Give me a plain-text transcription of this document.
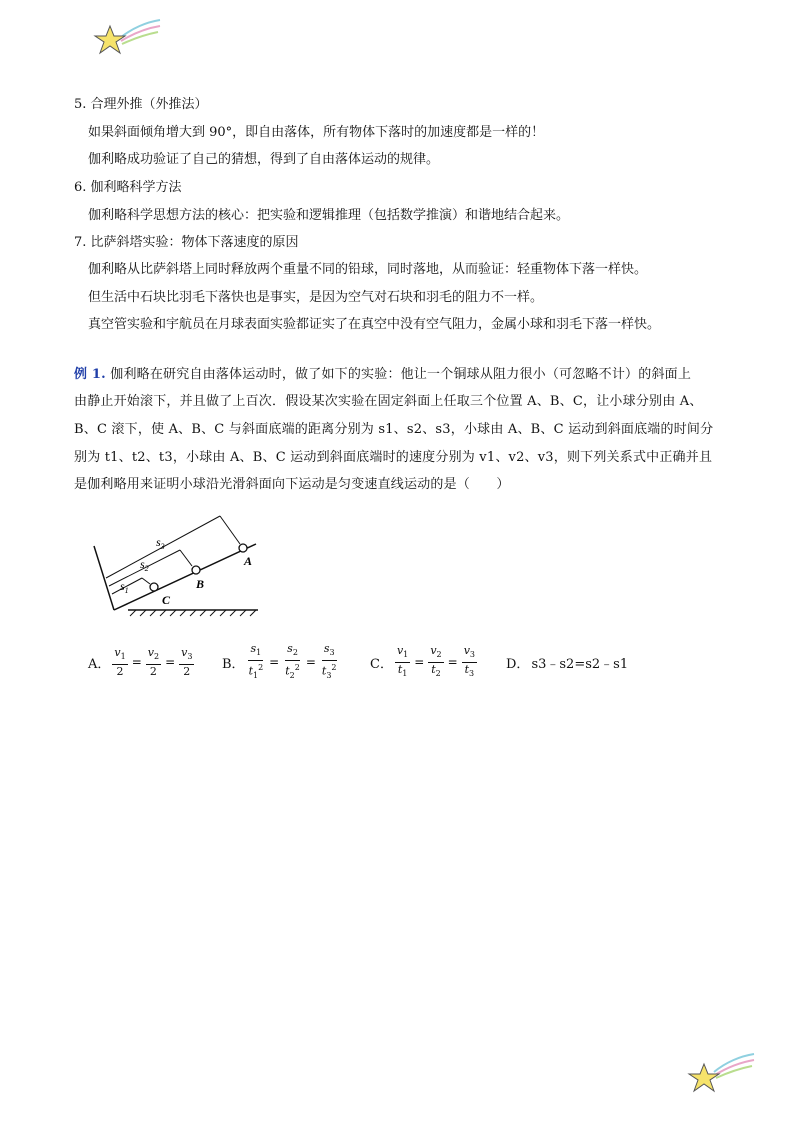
5. 合理外推（外推法）
如果斜面倾角增大到 90°，即自由落体，所有物体下落时的加速度都是一样的！
伽利略成功验证了自己的猜想，得到了自由落体运动的规律。
6. 伽利略科学方法
伽利略科学思想方法的核心：把实验和逻辑推理（包括数学推演）和谐地结合起来。
7. 比萨斜塔实验：物体下落速度的原因
伽利略从比萨斜塔上同时释放两个重量不同的铅球，同时落地，从而验证：轻重物体下落一样快。
但生活中石块比羽毛下落快也是事实，是因为空气对石块和羽毛的阻力不一样。
真空管实验和宇航员在月球表面实验都证实了在真空中没有空气阻力，金属小球和羽毛下落一样快。
例 1. 伽利略在研究自由落体运动时，做了如下的实验：他让一个铜球从阻力很小（可忽略不计）的斜面上
由静止开始滚下，并且做了上百次．假设某次实验在固定斜面上任取三个位置 A、B、C，让小球分别由 A、
B、C 滚下，使 A、B、C 与斜面底端的距离分别为 s1、s2、s3，小球由 A、B、C 运动到斜面底端的时间分
别为 t1、t2、t3，小球由 A、B、C 运动到斜面底端时的速度分别为 v1、v2、v3，则下列关系式中正确并且
是伽利略用来证明小球沿光滑斜面向下运动是匀变速直线运动的是（　　）
A
B
C
$s_3$
$s_2$
$s_1$
A． $\frac{v_1}{2} = \frac{v_2}{2} = \frac{v_3}{2}$ B． $\frac{s_1}{t_1^2} = \frac{s_2}{t_2^2} = \frac{s_3}{t_3^2}$ C． $\frac{v_1}{t_1} = \frac{v_2}{t_2} = \frac{v_3}{t_3}$ D． s3﹣s2=s2﹣s1
